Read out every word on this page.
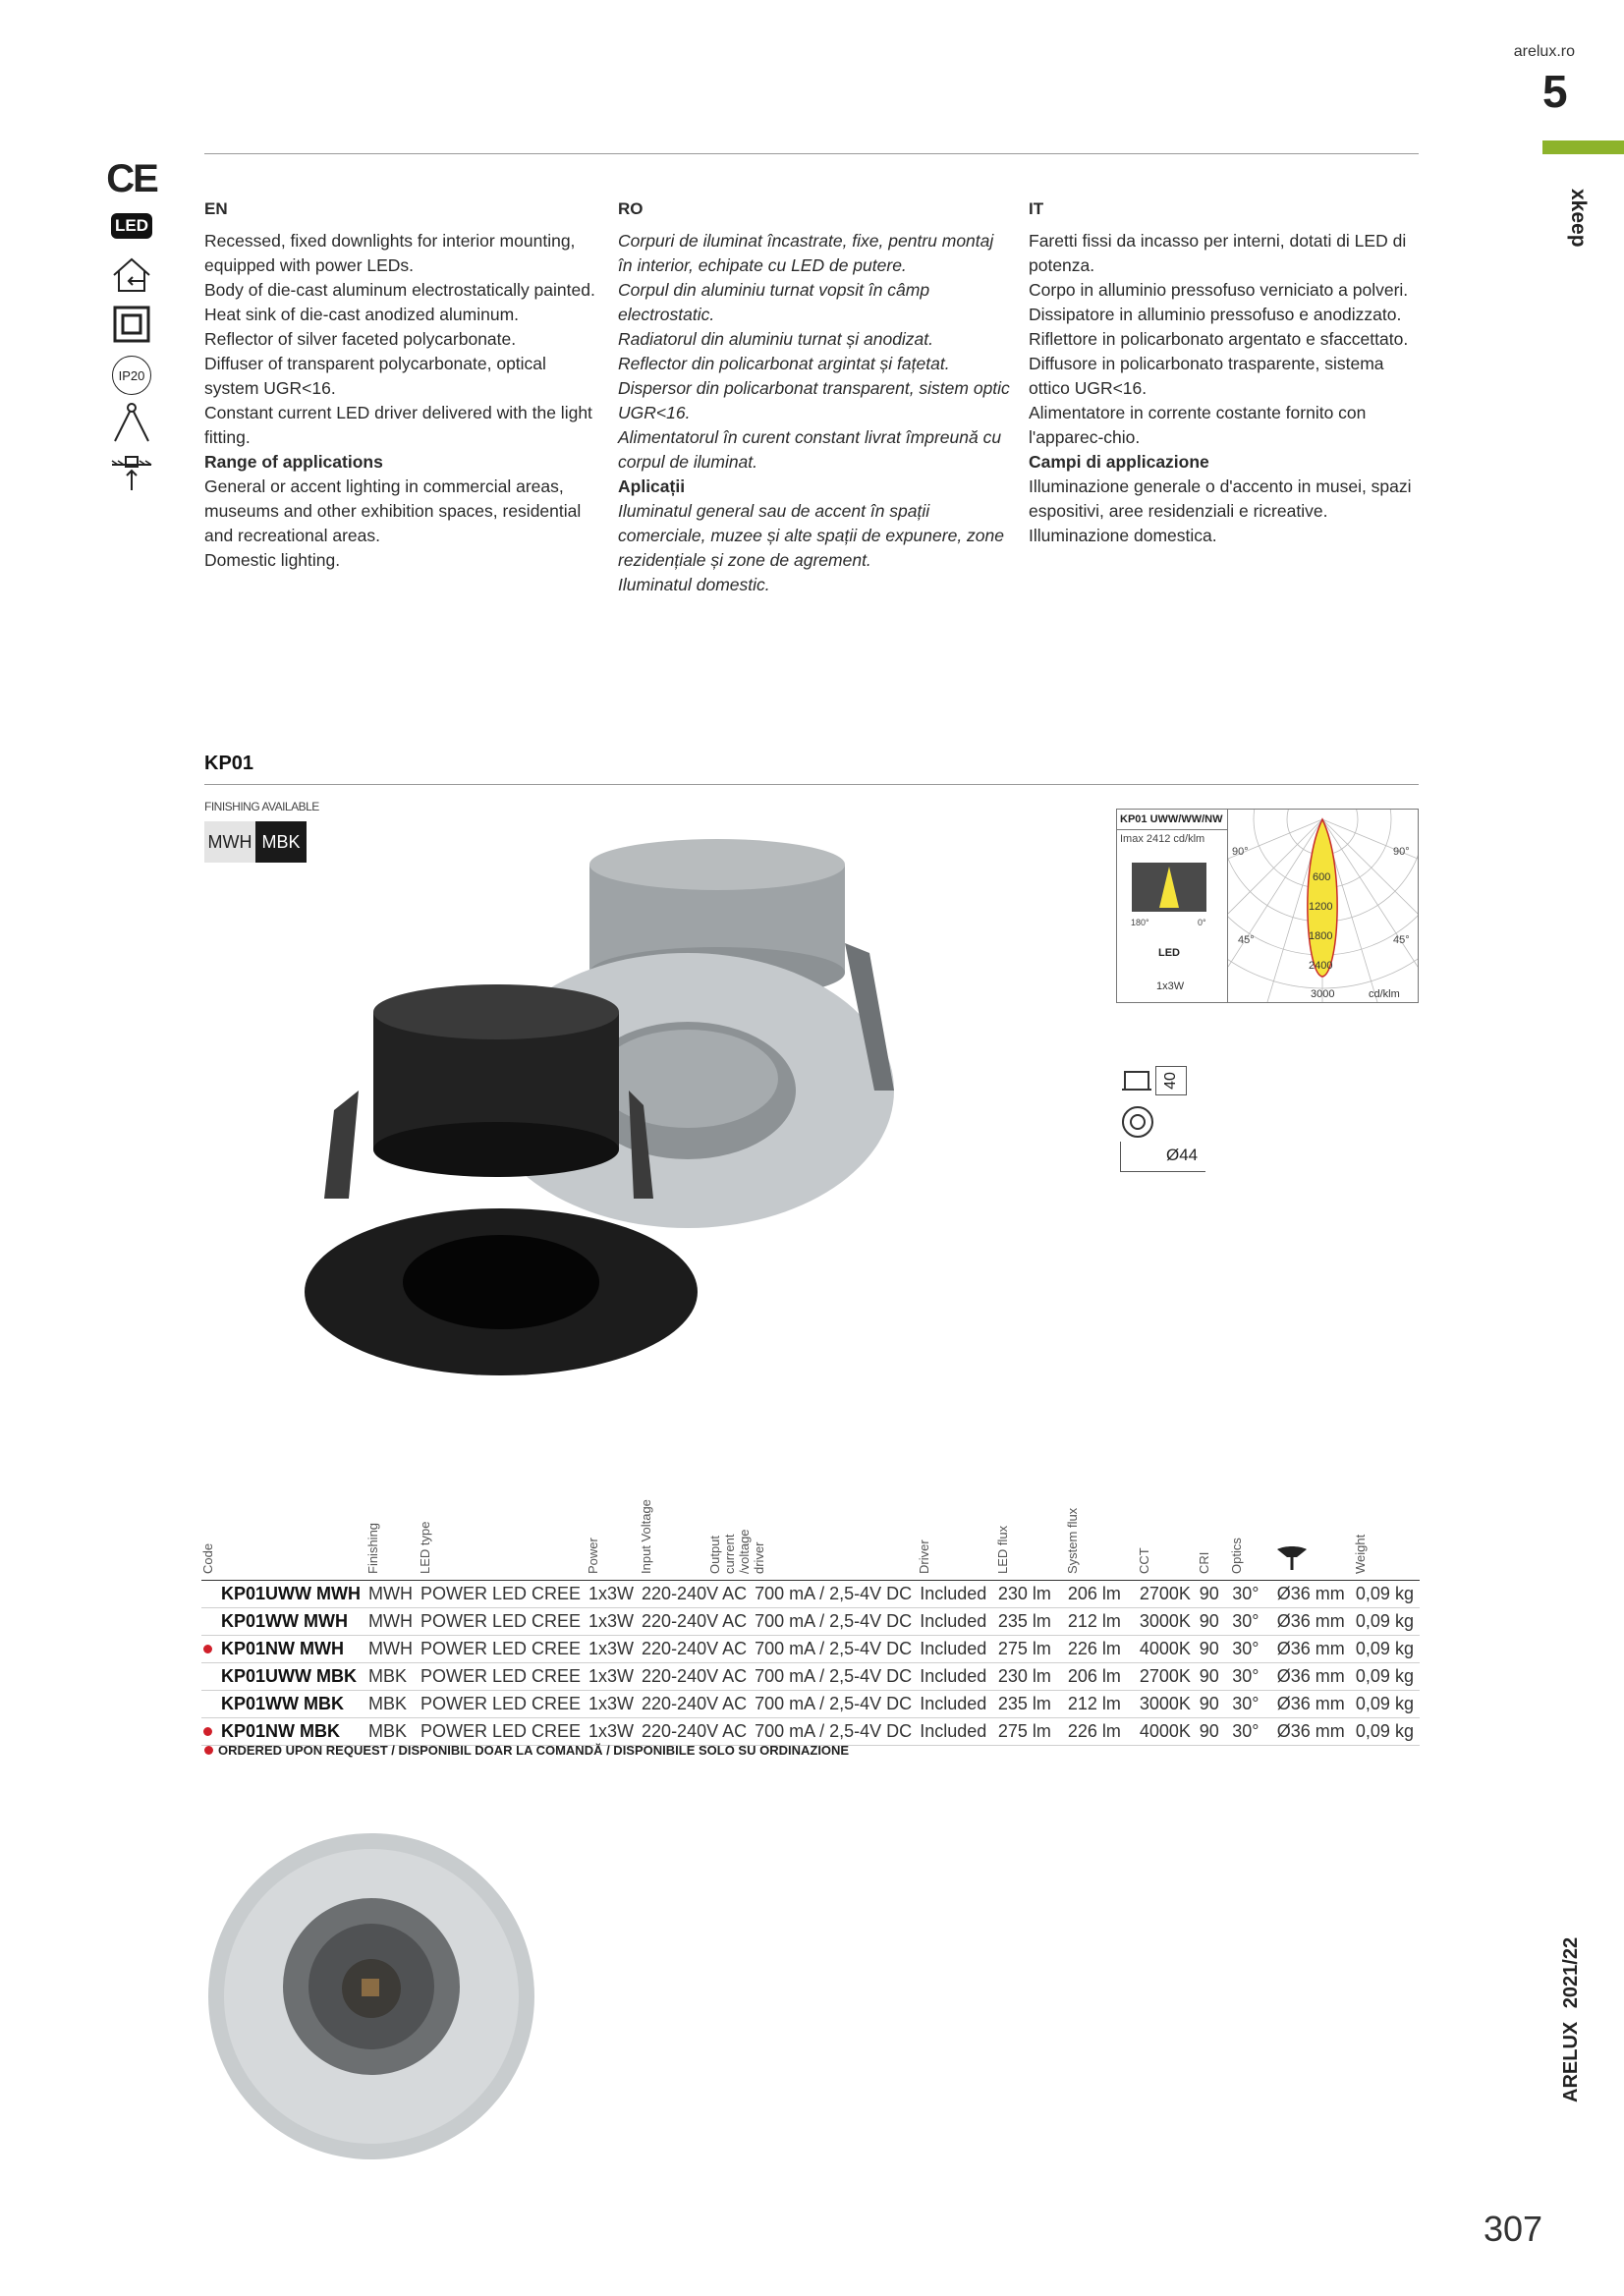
arelux.ro
5
xkeep
CE
LED
IP20
EN
Recessed, fixed downlights for interior mounting, equipped with power LEDs.
Body of die-cast aluminum electrostatically painted.
Heat sink of die-cast anodized aluminum.
Reflector of silver faceted polycarbonate.
Diffuser of transparent polycarbonate, optical system UGR<16.
Constant current LED driver delivered with the light fitting.
Range of applications
General or accent lighting in commercial areas, museums and other exhibition spaces, residential and recreational areas.
Domestic lighting.
RO
Corpuri de iluminat încastrate, fixe, pentru montaj în interior, echipate cu LED de putere.
Corpul din aluminiu turnat vopsit în câmp electrostatic.
Radiatorul din aluminiu turnat și anodizat.
Reflector din policarbonat argintat și fațetat.
Dispersor din policarbonat transparent, sistem optic UGR<16.
Alimentatorul în curent constant livrat împreună cu corpul de iluminat.
Aplicații
Iluminatul general sau de accent în spații comerciale, muzee și alte spații de expunere, zone rezidențiale și zone de agrement.
Iluminatul domestic.
IT
Faretti fissi da incasso per interni, dotati di LED di potenza.
Corpo in alluminio pressofuso verniciato a polveri.
Dissipatore in alluminio pressofuso e anodizzato.
Riflettore in policarbonato argentato e sfaccettato.
Diffusore in policarbonato trasparente, sistema ottico UGR<16.
Alimentatore in corrente costante fornito con l'apparec-chio.
Campi di applicazione
Illuminazione generale o d'accento in musei, spazi espositivi, aree residenziali e ricreative.
Illuminazione domestica.
KP01
FINISHING AVAILABLE
MWH MBK
KP01 UWW/WW/NW
Imax 2412 cd/klm
180°	0°
LED
1x3W
90°	90°
45°	45°
600
1200
1800
2400
3000	cd/klm
40
Ø44
Code	Finishing	LED type	Power	Input Voltage	Output current /voltage driver	Driver	LED flux	System flux	CCT	CRI	Optics		Weight
KP01UWW MWH	MWH	POWER LED CREE	1x3W	220-240V AC	700 mA / 2,5-4V DC	Included	230 lm	206 lm	2700K	90	30°	Ø36 mm	0,09 kg
KP01WW MWH	MWH	POWER LED CREE	1x3W	220-240V AC	700 mA / 2,5-4V DC	Included	235 lm	212 lm	3000K	90	30°	Ø36 mm	0,09 kg

KP01NW MWH	MWH	POWER LED CREE	1x3W	220-240V AC	700 mA / 2,5-4V DC	Included	275 lm	226 lm	4000K	90	30°	Ø36 mm	0,09 kg
KP01UWW MBK	MBK	POWER LED CREE	1x3W	220-240V AC	700 mA / 2,5-4V DC	Included	230 lm	206 lm	2700K	90	30°	Ø36 mm	0,09 kg
KP01WW MBK	MBK	POWER LED CREE	1x3W	220-240V AC	700 mA / 2,5-4V DC	Included	235 lm	212 lm	3000K	90	30°	Ø36 mm	0,09 kg

KP01NW MBK	MBK	POWER LED CREE	1x3W	220-240V AC	700 mA / 2,5-4V DC	Included	275 lm	226 lm	4000K	90	30°	Ø36 mm	0,09 kg
ORDERED UPON REQUEST / DISPONIBIL DOAR LA COMANDĂ / DISPONIBILE SOLO SU ORDINAZIONE
ARELUX 2021/22
307
